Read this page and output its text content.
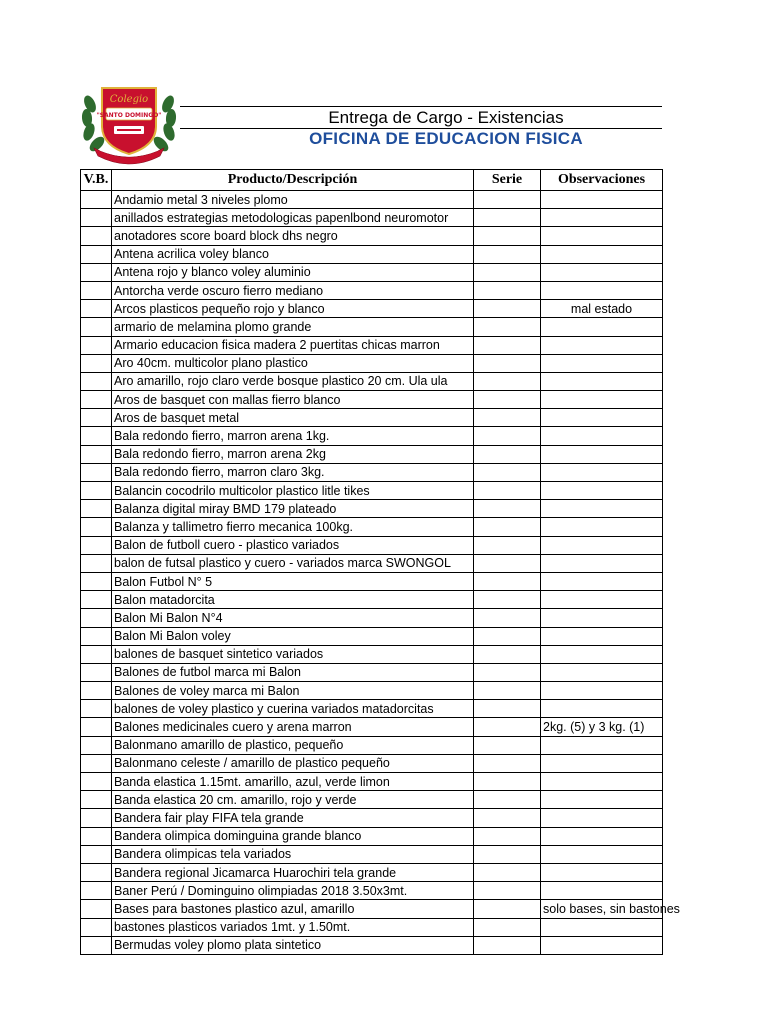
Colegio
"SANTO DOMINGO"	Entrega de Cargo - Existencias
OFICINA DE EDUCACION FISICA
V.B.	Producto/Descripción	Serie	Observaciones
	Andamio metal 3 niveles plomo		
	anillados estrategias metodologicas papenlbond neuromotor		
	anotadores score board block dhs negro		
	Antena acrilica voley blanco		
	Antena rojo y blanco voley aluminio		
	Antorcha verde oscuro fierro mediano		
	Arcos plasticos pequeño rojo y blanco		mal estado
	armario de melamina plomo grande		
	Armario educacion fisica madera 2 puertitas chicas marron		
	Aro 40cm. multicolor plano plastico		
	Aro amarillo, rojo claro verde bosque plastico 20 cm. Ula ula		
	Aros de basquet con mallas fierro blanco		
	Aros de basquet metal		
	Bala redondo fierro, marron arena 1kg.		
	Bala redondo fierro, marron arena 2kg		
	Bala redondo fierro, marron claro 3kg.		
	Balancin cocodrilo multicolor plastico litle tikes		
	Balanza digital miray BMD 179 plateado		
	Balanza y tallimetro fierro mecanica 100kg.		
	Balon de futboll cuero - plastico variados		
	balon de futsal plastico y cuero - variados marca SWONGOL		
	Balon Futbol N° 5		
	Balon matadorcita		
	Balon Mi Balon N°4		
	Balon Mi Balon voley		
	balones de basquet sintetico variados		
	Balones de futbol marca mi Balon		
	Balones de voley marca mi Balon		
	balones de voley plastico y cuerina variados matadorcitas		
	Balones medicinales cuero y arena marron		2kg. (5) y 3 kg. (1)
	Balonmano amarillo de plastico, pequeño		
	Balonmano celeste / amarillo de plastico pequeño		
	Banda elastica 1.15mt. amarillo, azul, verde limon		
	Banda elastica 20 cm. amarillo, rojo y verde		
	Bandera fair play FIFA tela grande		
	Bandera olimpica dominguina grande blanco		
	Bandera olimpicas tela variados		
	Bandera regional Jicamarca Huarochiri tela grande		
	Baner Perú / Dominguino olimpiadas 2018 3.50x3mt.		
	Bases para bastones plastico azul, amarillo		solo bases, sin bastones
	bastones plasticos variados 1mt. y 1.50mt.		
	Bermudas voley plomo plata sintetico		
